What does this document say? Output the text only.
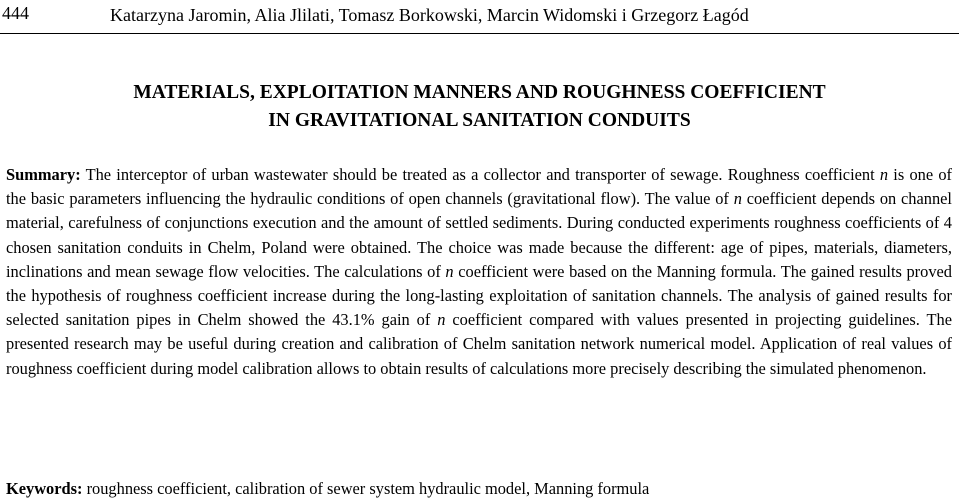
444	Katarzyna Jaromin, Alia Jlilati, Tomasz Borkowski, Marcin Widomski i Grzegorz Łagód
MATERIALS, EXPLOITATION MANNERS AND ROUGHNESS COEFFICIENT
IN GRAVITATIONAL SANITATION CONDUITS

Summary: The interceptor of urban wastewater should be treated as a collector and transporter of sewage. Roughness coefficient n is one of the basic parameters influencing the hydraulic conditions of open channels (gravitational flow). The value of n coefficient depends on channel material, carefulness of conjunctions execution and the amount of settled sediments. During conducted experiments roughness coefficients of 4 chosen sanitation conduits in Chelm, Poland were obtained. The choice was made because the different: age of pipes, materials, diameters, inclinations and mean sewage flow velocities. The calculations of n coefficient were based on the Manning formula. The gained results proved the hypothesis of roughness coefficient increase during the long-lasting exploitation of sanitation channels. The analysis of gained results for selected sanitation pipes in Chelm showed the 43.1% gain of n coefficient compared with values presented in projecting guidelines. The presented research may be useful during creation and calibration of Chelm sanitation network numerical model. Application of real values of roughness coefficient during model calibration allows to obtain results of calculations more precisely describing the simulated phenomenon.

Keywords: roughness coefficient, calibration of sewer system hydraulic model, Manning formula
